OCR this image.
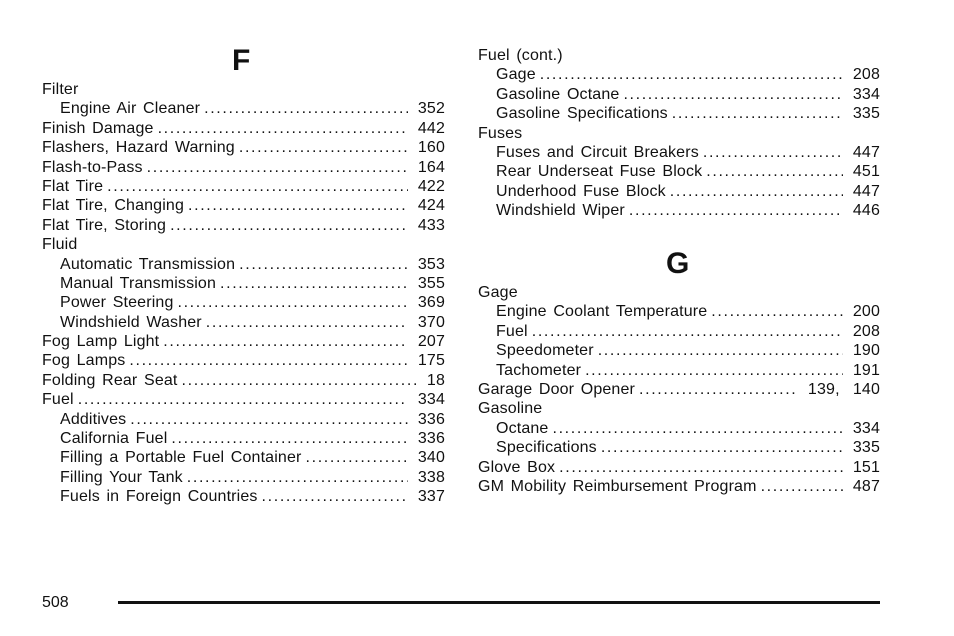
F
Filter
Engine Air Cleaner . . .	352
Finish Damage . . .	442
Flashers, Hazard Warning . . .	160
Flash-to-Pass . . .	164
Flat Tire . . .	422
Flat Tire, Changing . . .	424
Flat Tire, Storing . . .	433
Fluid
Automatic Transmission . . .	353
Manual Transmission . . .	355
Power Steering . . .	369
Windshield Washer . . .	370
Fog Lamp Light . . .	207
Fog Lamps . . .	175
Folding Rear Seat . . .	18
Fuel . . .	334
Additives . . .	336
California Fuel . . .	336
Filling a Portable Fuel Container . . .	340
Filling Your Tank . . .	338
Fuels in Foreign Countries . . .	337
Fuel (cont.)
Gage . . .	208
Gasoline Octane . . .	334
Gasoline Specifications . . .	335
Fuses
Fuses and Circuit Breakers . . .	447
Rear Underseat Fuse Block . . .	451
Underhood Fuse Block . . .	447
Windshield Wiper . . .	446
G
Gage
Engine Coolant Temperature . . .	200
Fuel . . .	208
Speedometer . . .	190
Tachometer . . .	191
Garage Door Opener . . .	139,  140
Gasoline
Octane . . .	334
Specifications . . .	335
Glove Box . . .	151
GM Mobility Reimbursement Program . . .	487
508
